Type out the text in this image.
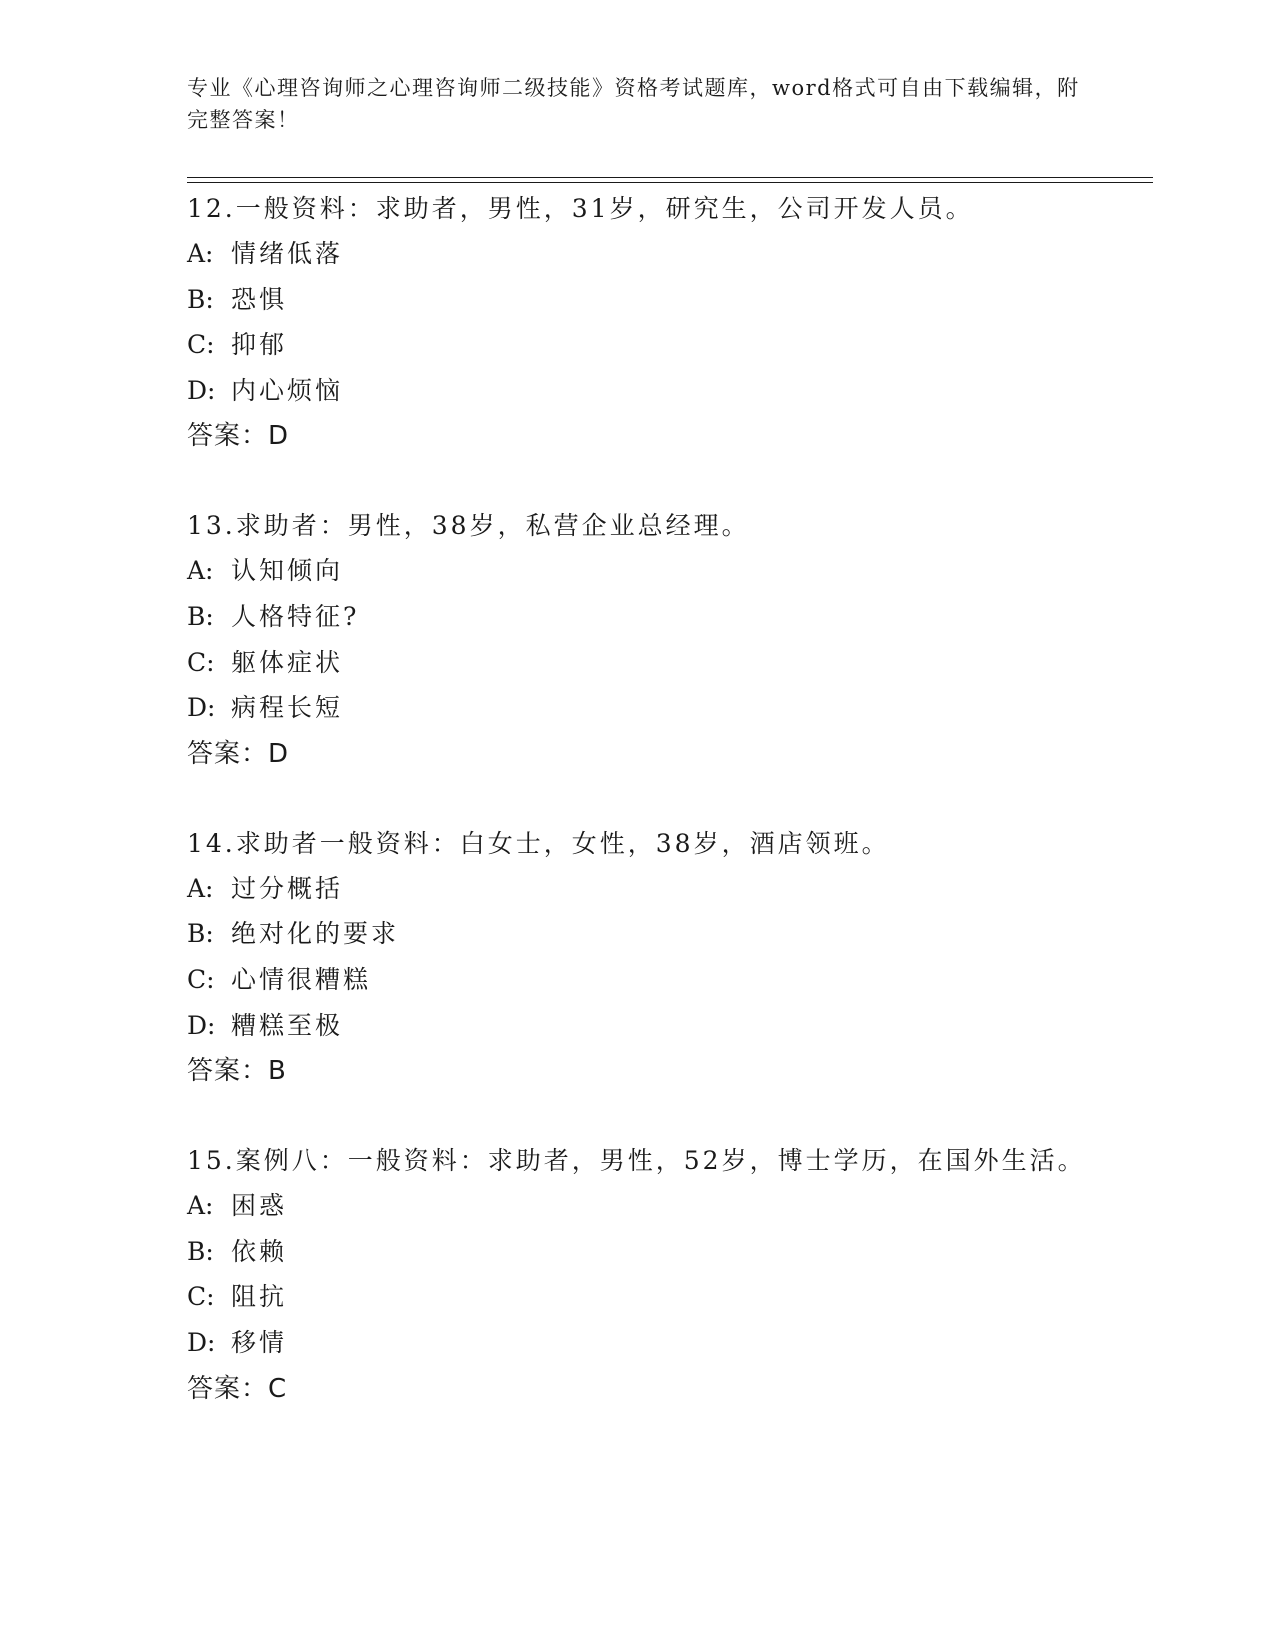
专业《心理咨询师之心理咨询师二级技能》资格考试题库，word格式可自由下载编辑，附完整答案！

12.一般资料：求助者，男性，31岁，研究生，公司开发人员。

A: 情绪低落

B: 恐惧

C: 抑郁

D: 内心烦恼

答案：D

13.求助者：男性，38岁，私营企业总经理。

A: 认知倾向

B: 人格特征?

C: 躯体症状

D: 病程长短

答案：D

14.求助者一般资料：白女士，女性，38岁，酒店领班。

A: 过分概括

B: 绝对化的要求

C: 心情很糟糕

D: 糟糕至极

答案：B

15.案例八：一般资料：求助者，男性，52岁，博士学历，在国外生活。

A: 困惑

B: 依赖

C: 阻抗

D: 移情

答案：C
